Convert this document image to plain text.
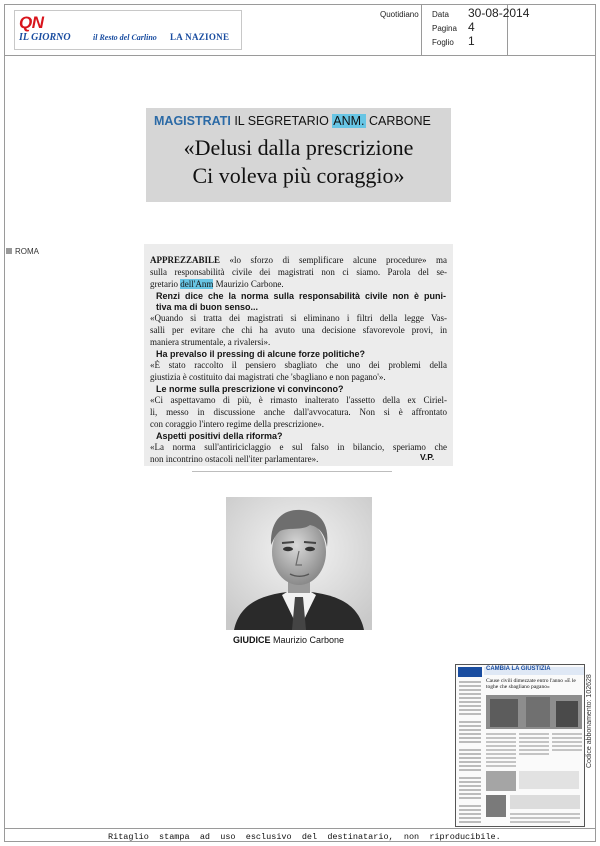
QN
IL GIORNO	il Resto del Carlino LA NAZIONE
Quotidiano Data 30-08-2014
Pagina 4
Foglio 1
MAGISTRATI IL SEGRETARIO ANM. CARBONE
«Delusi dalla prescrizione
Ci voleva più coraggio»
ROMA
APPREZZABILE «lo sforzo di semplificare alcune procedure» ma
sulla responsabilità civile dei magistrati non ci siamo. Parola del se-
gretario dell'Anm Maurizio Carbone.
Renzi dice che la norma sulla responsabilità civile non è puni-
tiva ma di buon senso...
«Quando si tratta dei magistrati si eliminano i filtri della legge Vas-
salli per evitare che chi ha avuto una decisione sfavorevole provi, in
maniera strumentale, a rivalersi».
Ha prevalso il pressing di alcune forze politiche?
«È stato raccolto il pensiero sbagliato che uno dei problemi della
giustizia è costituito dai magistrati che 'sbagliano e non pagano'».
Le norme sulla prescrizione vi convincono?
«Ci aspettavamo di più, è rimasto inalterato l'assetto della ex Ciriel-
li, messo in discussione anche dall'avvocatura. Non si è affrontato
con coraggio l'intero regime della prescrizione».
Aspetti positivi della riforma?
«La norma sull'antiriciclaggio e sul falso in bilancio, speriamo che
non incontrino ostacoli nell'iter parlamentare».	V.P.
GIUDICE Maurizio Carbone
CAMBIA LA GIUSTIZIA
Cause civili dimezzate entro l'anno «E le toghe che sbagliano pagano»	Codice abbonamento: 102628
Ritaglio  stampa  ad  uso  esclusivo  del  destinatario,  non  riproducibile.
